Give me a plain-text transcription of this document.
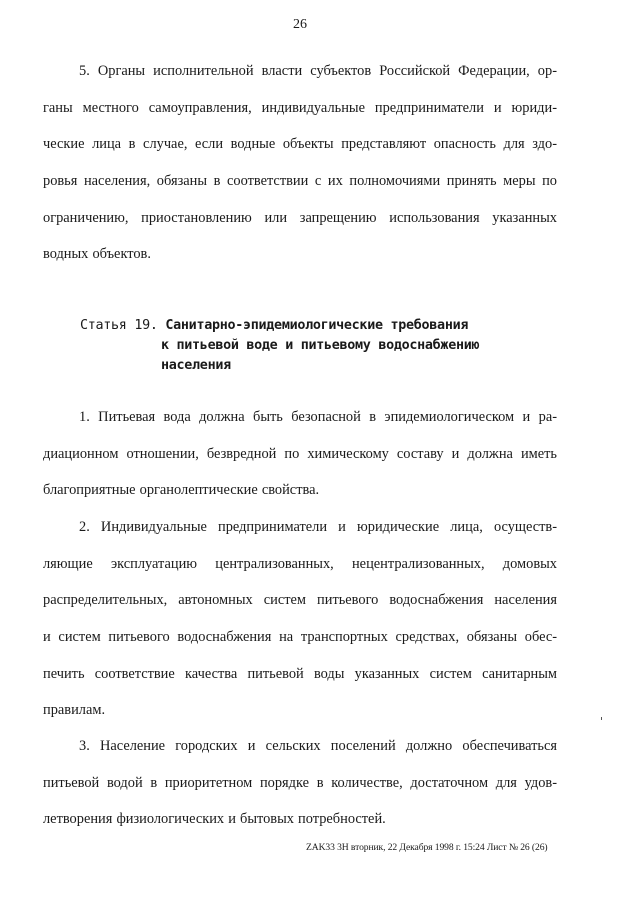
26
5. Органы исполнительной власти субъектов Российской Федерации, ор-
ганы местного самоуправления, индивидуальные предприниматели и юриди-
ческие лица в случае, если водные объекты представляют опасность для здо-
ровья населения, обязаны в соответствии с их полномочиями принять меры по
ограничению, приостановлению или запрещению использования указанных
водных объектов.
Статья 19. Санитарно-эпидемиологические требования
к питьевой воде и питьевому водоснабжению
населения
1. Питьевая вода должна быть безопасной в эпидемиологическом и ра-
диационном отношении, безвредной по химическому составу и должна иметь
благоприятные органолептические свойства.
2. Индивидуальные предприниматели и юридические лица, осуществ-
ляющие эксплуатацию централизованных, нецентрализованных, домовых
распределительных, автономных систем питьевого водоснабжения населения
и систем питьевого водоснабжения на транспортных средствах, обязаны обес-
печить соответствие качества питьевой воды указанных систем санитарным
правилам.
3. Население городских и сельских поселений должно обеспечиваться
питьевой водой в приоритетном порядке в количестве, достаточном для удов-
летворения физиологических и бытовых потребностей.
ZAK33 3H вторник, 22 Декабря 1998 г. 15:24 Лист № 26 (26)
